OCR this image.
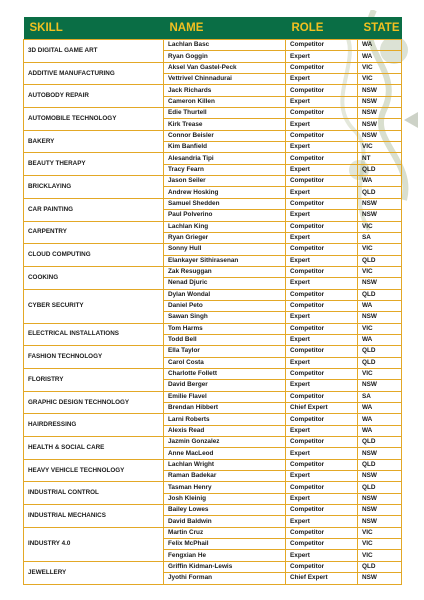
SKILL	NAME	ROLE	STATE
3D DIGITAL GAME ART	Lachlan Basc	Competitor	WA
	Ryan Goggin	Expert	WA
ADDITIVE MANUFACTURING	Aksel Van Gastel-Peck	Competitor	VIC
	Vettrivel Chinnadurai	Expert	VIC
AUTOBODY REPAIR	Jack Richards	Competitor	NSW
	Cameron Killen	Expert	NSW
AUTOMOBILE TECHNOLOGY	Edie Thurtell	Competitor	NSW
	Kirk Trease	Expert	NSW
BAKERY	Connor Beisler	Competitor	NSW
	Kim Banfield	Expert	VIC
BEAUTY THERAPY	Alesandria Tipi	Competitor	NT
	Tracy Fearn	Expert	QLD
BRICKLAYING	Jason Seiler	Competitor	WA
	Andrew Hosking	Expert	QLD
CAR PAINTING	Samuel Shedden	Competitor	NSW
	Paul Polverino	Expert	NSW
CARPENTRY	Lachlan King	Competitor	VIC
	Ryan Grieger	Expert	SA
CLOUD COMPUTING	Sonny Hull	Competitor	VIC
	Elankayer Sithirasenan	Expert	QLD
COOKING	Zak Resuggan	Competitor	VIC
	Nenad Djuric	Expert	NSW
CYBER SECURITY	Dylan Wondal	Competitor	QLD
	Daniel Peto	Competitor	WA
	Sawan Singh	Expert	NSW
ELECTRICAL INSTALLATIONS	Tom Harms	Competitor	VIC
	Todd Bell	Expert	WA
FASHION TECHNOLOGY	Ella Taylor	Competitor	QLD
	Carol Costa	Expert	QLD
FLORISTRY	Charlotte Follett	Competitor	VIC
	David Berger	Expert	NSW
GRAPHIC DESIGN TECHNOLOGY	Emilie Flavel	Competitor	SA
	Brendan Hibbert	Chief Expert	WA
HAIRDRESSING	Larni Roberts	Competitor	WA
	Alexis Read	Expert	WA
HEALTH & SOCIAL CARE	Jazmin Gonzalez	Competitor	QLD
	Anne MacLeod	Expert	NSW
HEAVY VEHICLE TECHNOLOGY	Lachlan Wright	Competitor	QLD
	Raman Badekar	Expert	NSW
INDUSTRIAL CONTROL	Tasman Henry	Competitor	QLD
	Josh Kleinig	Expert	NSW
INDUSTRIAL MECHANICS	Bailey Lowes	Competitor	NSW
	David Baldwin	Expert	NSW
INDUSTRY 4.0	Martin Cruz	Competitor	VIC
	Felix McPhail	Competitor	VIC
	Fengxian He	Expert	VIC
JEWELLERY	Griffin Kidman-Lewis	Competitor	QLD
	Jyothi Forman	Chief Expert	NSW
